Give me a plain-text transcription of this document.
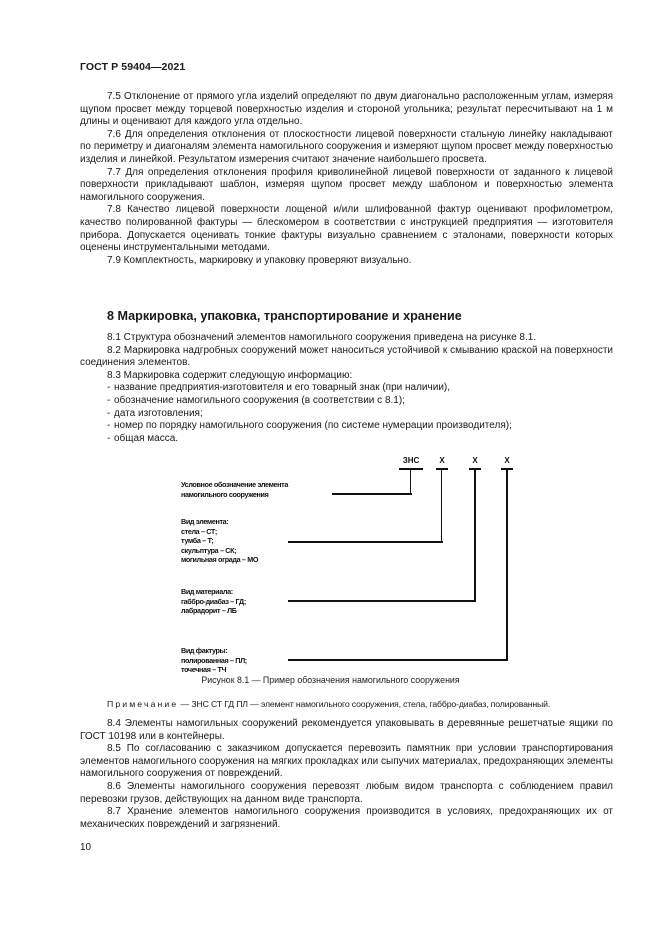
ГОСТ Р 59404—2021

7.5 Отклонение от прямого угла изделий определяют по двум диагонально расположенным углам, измеряя щупом просвет между торцевой поверхностью изделия и стороной угольника; результат пересчитывают на 1 м длины и оценивают для каждого угла отдельно.

7.6 Для определения отклонения от плоскостности лицевой поверхности стальную линейку накладывают по периметру и диагоналям элемента намогильного сооружения и измеряют щупом просвет между поверхностью изделия и линейкой. Результатом измерения считают значение наибольшего просвета.

7.7 Для определения отклонения профиля криволинейной лицевой поверхности от заданного к лицевой поверхности прикладывают шаблон, измеряя щупом просвет между шаблоном и поверхностью элемента намогильного сооружения.

7.8 Качество лицевой поверхности лощеной и/или шлифованной фактур оценивают профилометром, качество полированной фактуры — блескомером в соответствии с инструкцией предприятия — изготовителя прибора. Допускается оценивать тонкие фактуры визуально сравнением с эталонами, поверхности которых оценены инструментальными методами.

7.9 Комплектность, маркировку и упаковку проверяют визуально.

8 Маркировка, упаковка, транспортирование и хранение

8.1 Структура обозначений элементов намогильного сооружения приведена на рисунке 8.1.

8.2 Маркировка надгробных сооружений может наноситься устойчивой к смыванию краской на поверхности соединения элементов.

8.3 Маркировка содержит следующую информацию:

- название предприятия-изготовителя и его товарный знак (при наличии),
- обозначение намогильного сооружения (в соответствии с 8.1);
- дата изготовления;
- номер по порядку намогильного сооружения (по системе нумерации производителя);
- общая масса.
ЗНС	Х	Х	Х
Условное обозначение элемента
намогильного сооружения
Вид элемента:
стела – СТ;
тумба – Т;
скульптура – СК;
могильная ограда – МО
Вид материала:
габбро-диабаз – ГД;
лабрадорит – ЛБ
Вид фактуры:
полированная – ПЛ;
точечная – ТЧ
Рисунок 8.1 — Пример обозначения намогильного сооружения

Примечание — ЗНС СТ ГД ПЛ — элемент намогильного сооружения, стела, габбро-диабаз, полированный.

8.4 Элементы намогильных сооружений рекомендуется упаковывать в деревянные решетчатые ящики по ГОСТ 10198 или в контейнеры.

8.5 По согласованию с заказчиком допускается перевозить памятник при условии транспортирования элементов намогильного сооружения на мягких прокладках или сыпучих материалах, предохраняющих элементы намогильного сооружения от повреждений.

8.6 Элементы намогильного сооружения перевозят любым видом транспорта с соблюдением правил перевозки грузов, действующих на данном виде транспорта.

8.7 Хранение элементов намогильного сооружения производится в условиях, предохраняющих их от механических повреждений и загрязнений.

10
